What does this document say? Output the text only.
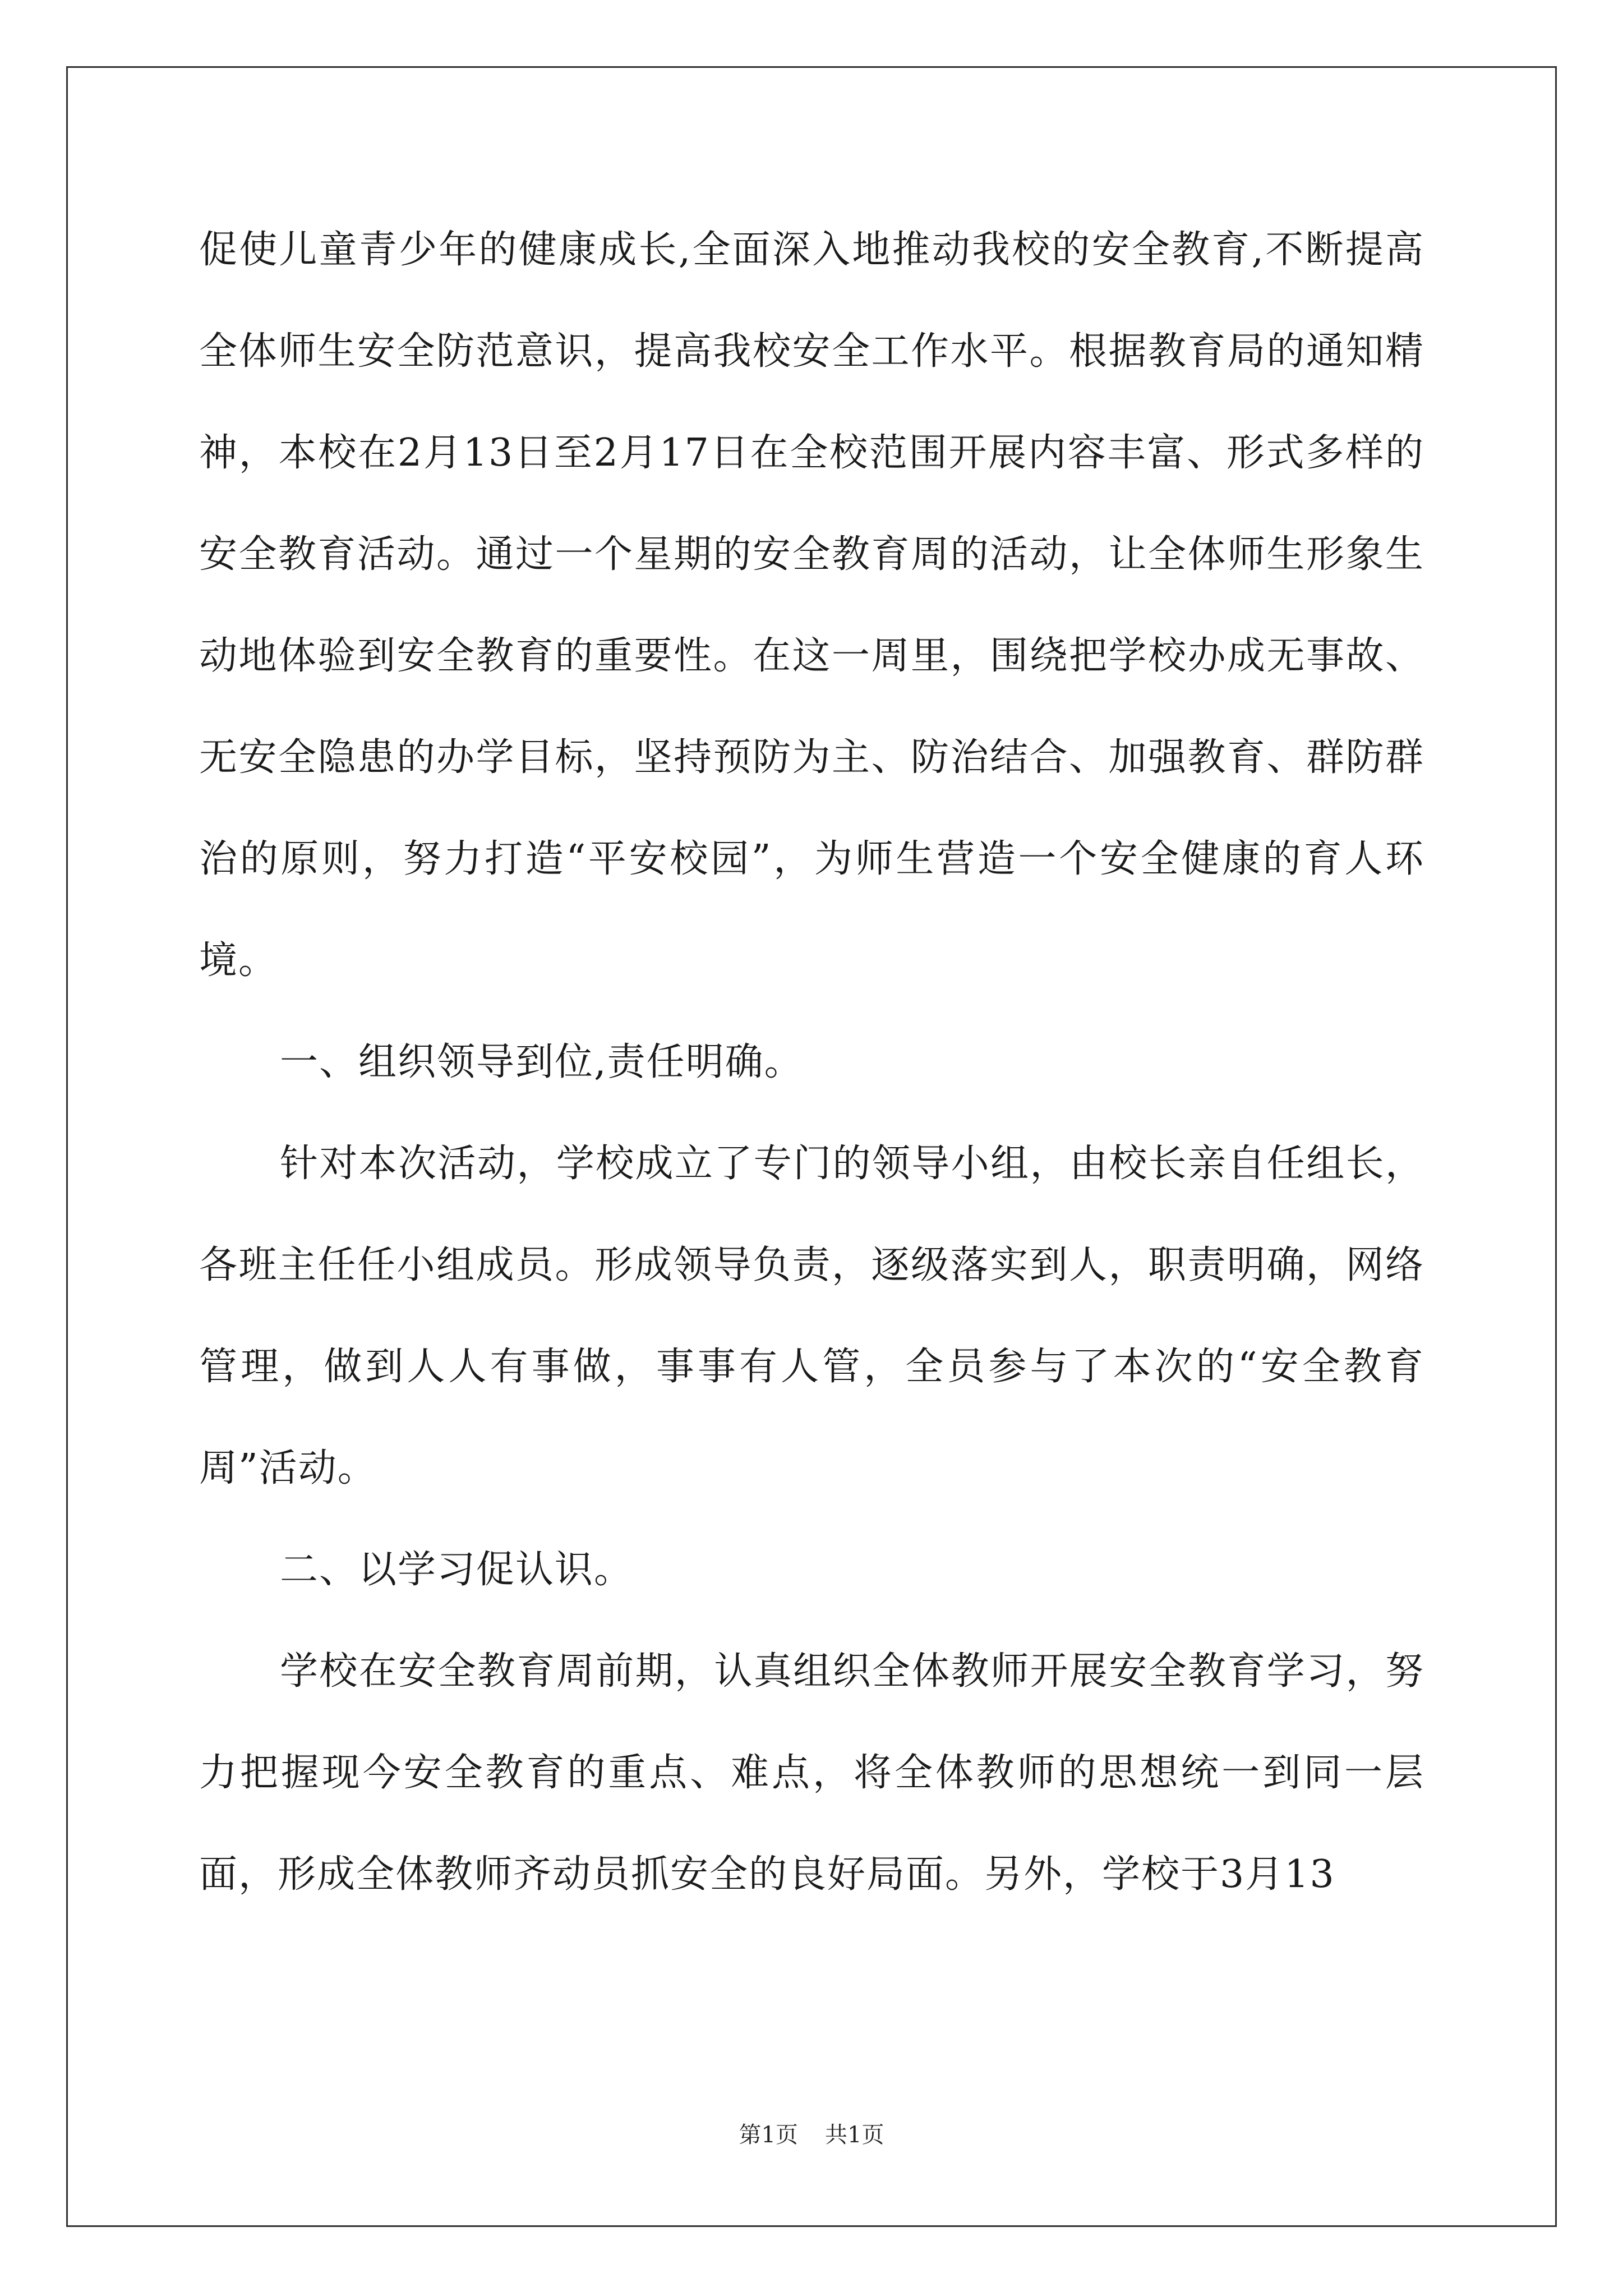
促使儿童青少年的健康成长,全面深入地推动我校的安全教育,不断提高全体师生安全防范意识，提高我校安全工作水平。根据教育局的通知精神，本校在2月13日至2月17日在全校范围开展内容丰富、形式多样的安全教育活动。通过一个星期的安全教育周的活动，让全体师生形象生动地体验到安全教育的重要性。在这一周里，围绕把学校办成无事故、无安全隐患的办学目标，坚持预防为主、防治结合、加强教育、群防群治的原则，努力打造“平安校园”，为师生营造一个安全健康的育人环境。

一、组织领导到位,责任明确。

针对本次活动，学校成立了专门的领导小组，由校长亲自任组长，各班主任任小组成员。形成领导负责，逐级落实到人，职责明确，网络管理，做到人人有事做，事事有人管，全员参与了本次的“安全教育周”活动。

二、以学习促认识。

学校在安全教育周前期，认真组织全体教师开展安全教育学习，努力把握现今安全教育的重点、难点，将全体教师的思想统一到同一层面，形成全体教师齐动员抓安全的良好局面。另外，学校于3月13

第1页 共1页
